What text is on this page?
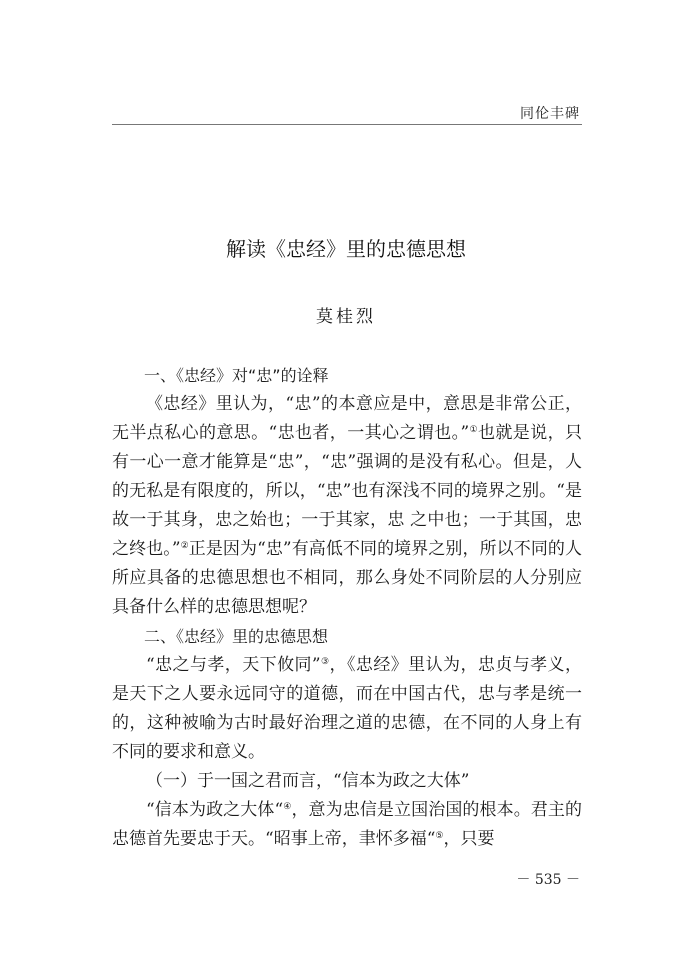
同伦丰碑
解读《忠经》里的忠德思想
莫桂烈

一、《忠经》对“忠”的诠释

《忠经》里认为，“忠”的本意应是中，意思是非常公正，无半点私心的意思。“忠也者，一其心之谓也。”①也就是说，只有一心一意才能算是“忠”，“忠”强调的是没有私心。但是，人的无私是有限度的，所以，“忠”也有深浅不同的境界之别。“是故一于其身，忠之始也；一于其家，忠 之中也；一于其国，忠之终也。”②正是因为“忠”有高低不同的境界之别，所以不同的人所应具备的忠德思想也不相同，那么身处不同阶层的人分别应具备什么样的忠德思想呢？

二、《忠经》里的忠德思想

“忠之与孝，天下攸同”③，《忠经》里认为，忠贞与孝义，是天下之人要永远同守的道德，而在中国古代，忠与孝是统一的，这种被喻为古时最好治理之道的忠德，在不同的人身上有不同的要求和意义。

（一）于一国之君而言，“信本为政之大体”

“信本为政之大体“④，意为忠信是立国治国的根本。君主的忠德首先要忠于天。“昭事上帝，聿怀多福“⑤，只要

－ 535 －
